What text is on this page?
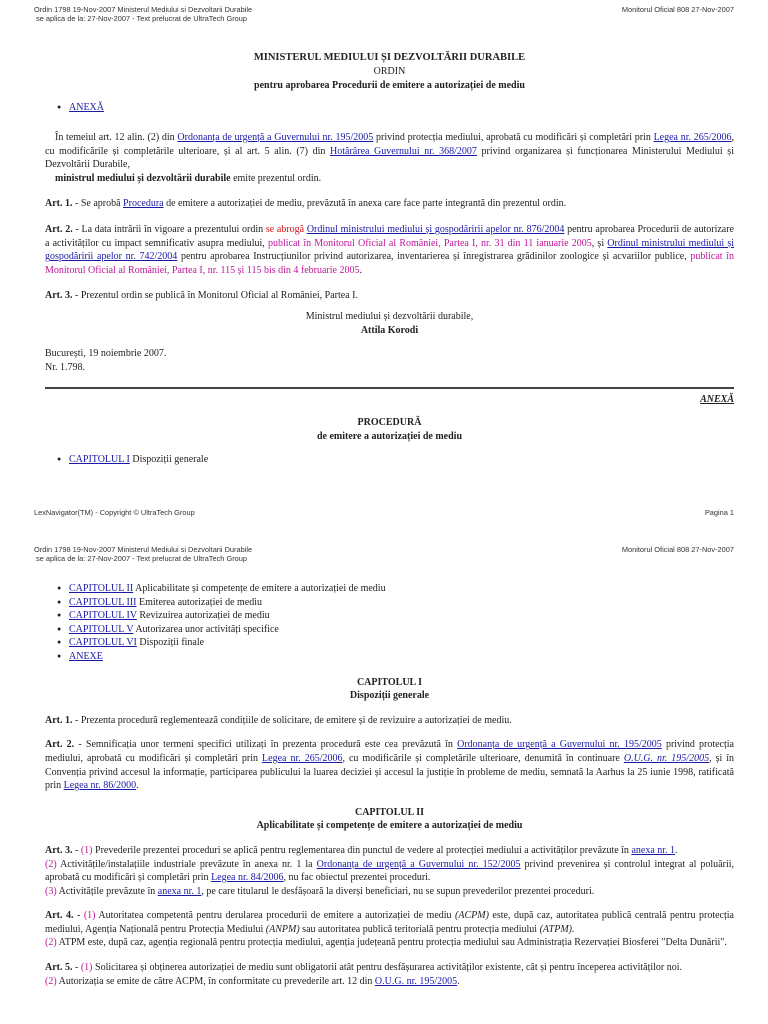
Ordin 1798 19-Nov-2007 Ministerul Mediului si Dezvoltarii Durabile
se aplica de la: 27-Nov-2007 - Text prelucrat de UltraTech Group
Monitorul Oficial 808 27-Nov-2007
MINISTERUL MEDIULUI ȘI DEZVOLTĂRII DURABILE
ORDIN
pentru aprobarea Procedurii de emitere a autorizației de mediu
● ANEXĂ

În temeiul art. 12 alin. (2) din Ordonanța de urgență a Guvernului nr. 195/2005 privind protecția mediului, aprobată cu modificări și completări prin Legea nr. 265/2006, cu modificările și completările ulterioare, și al art. 5 alin. (7) din Hotărârea Guvernului nr. 368/2007 privind organizarea și funcționarea Ministerului Mediului și Dezvoltării Durabile,
ministrul mediului și dezvoltării durabile emite prezentul ordin.

Art. 1. - Se aprobă Procedura de emitere a autorizației de mediu, prevăzută în anexa care face parte integrantă din prezentul ordin.

Art. 2. - La data intrării în vigoare a prezentului ordin se abrogă Ordinul ministrului mediului și gospodăririi apelor nr. 876/2004 pentru aprobarea Procedurii de autorizare a activităților cu impact semnificativ asupra mediului, publicat în Monitorul Oficial al României, Partea I, nr. 31 din 11 ianuarie 2005, și Ordinul ministrului mediului și gospodăririi apelor nr. 742/2004 pentru aprobarea Instrucțiunilor privind autorizarea, inventarierea și înregistrarea grădinilor zoologice și acvariilor publice, publicat în Monitorul Oficial al României, Partea I, nr. 115 și 115 bis din 4 februarie 2005.

Art. 3. - Prezentul ordin se publică în Monitorul Oficial al României, Partea I.

Ministrul mediului și dezvoltării durabile,
Attila Korodi
București, 19 noiembrie 2007.
Nr. 1.798.
ANEXĂ
PROCEDURĂ
de emitere a autorizației de mediu
● CAPITOLUL I Dispoziții generale
LexNavigator(TM) - Copyright © UltraTech Group	Pagina 1
Ordin 1798 19-Nov-2007 Ministerul Mediului si Dezvoltarii Durabile
se aplica de la: 27-Nov-2007 - Text prelucrat de UltraTech Group
Monitorul Oficial 808 27-Nov-2007
● CAPITOLUL II Aplicabilitate și competențe de emitere a autorizației de mediu
● CAPITOLUL III Emiterea autorizației de mediu
● CAPITOLUL IV Revizuirea autorizației de mediu
● CAPITOLUL V Autorizarea unor activități specifice
● CAPITOLUL VI Dispoziții finale
● ANEXE
CAPITOLUL I
Dispoziții generale

Art. 1. - Prezenta procedură reglementează condițiile de solicitare, de emitere și de revizuire a autorizației de mediu.

Art. 2. - Semnificația unor termeni specifici utilizați în prezenta procedură este cea prevăzută în Ordonanța de urgență a Guvernului nr. 195/2005 privind protecția mediului, aprobată cu modificări și completări prin Legea nr. 265/2006, cu modificările și completările ulterioare, denumită în continuare O.U.G. nr. 195/2005, și în Convenția privind accesul la informație, participarea publicului la luarea deciziei și accesul la justiție în probleme de mediu, semnată la Aarhus la 25 iunie 1998, ratificată prin Legea nr. 86/2000.

CAPITOLUL II
Aplicabilitate și competențe de emitere a autorizației de mediu

Art. 3. - (1) Prevederile prezentei proceduri se aplică pentru reglementarea din punctul de vedere al protecției mediului a activităților prevăzute în anexa nr. 1.
(2) Activitățile/instalațiile industriale prevăzute în anexa nr. 1 la Ordonanța de urgență a Guvernului nr. 152/2005 privind prevenirea și controlul integrat al poluării, aprobată cu modificări și completări prin Legea nr. 84/2006, nu fac obiectul prezentei proceduri.
(3) Activitățile prevăzute în anexa nr. 1, pe care titularul le desfășoară la diverși beneficiari, nu se supun prevederilor prezentei proceduri.

Art. 4. - (1) Autoritatea competentă pentru derularea procedurii de emitere a autorizației de mediu (ACPM) este, după caz, autoritatea publică centrală pentru protecția mediului, Agenția Națională pentru Protecția Mediului (ANPM) sau autoritatea publică teritorială pentru protecția mediului (ATPM).
(2) ATPM este, după caz, agenția regională pentru protecția mediului, agenția județeană pentru protecția mediului sau Administrația Rezervației Biosferei "Delta Dunării".

Art. 5. - (1) Solicitarea și obținerea autorizației de mediu sunt obligatorii atât pentru desfășurarea activităților existente, cât și pentru începerea activităților noi.
(2) Autorizația se emite de către ACPM, în conformitate cu prevederile art. 12 din O.U.G. nr. 195/2005.
